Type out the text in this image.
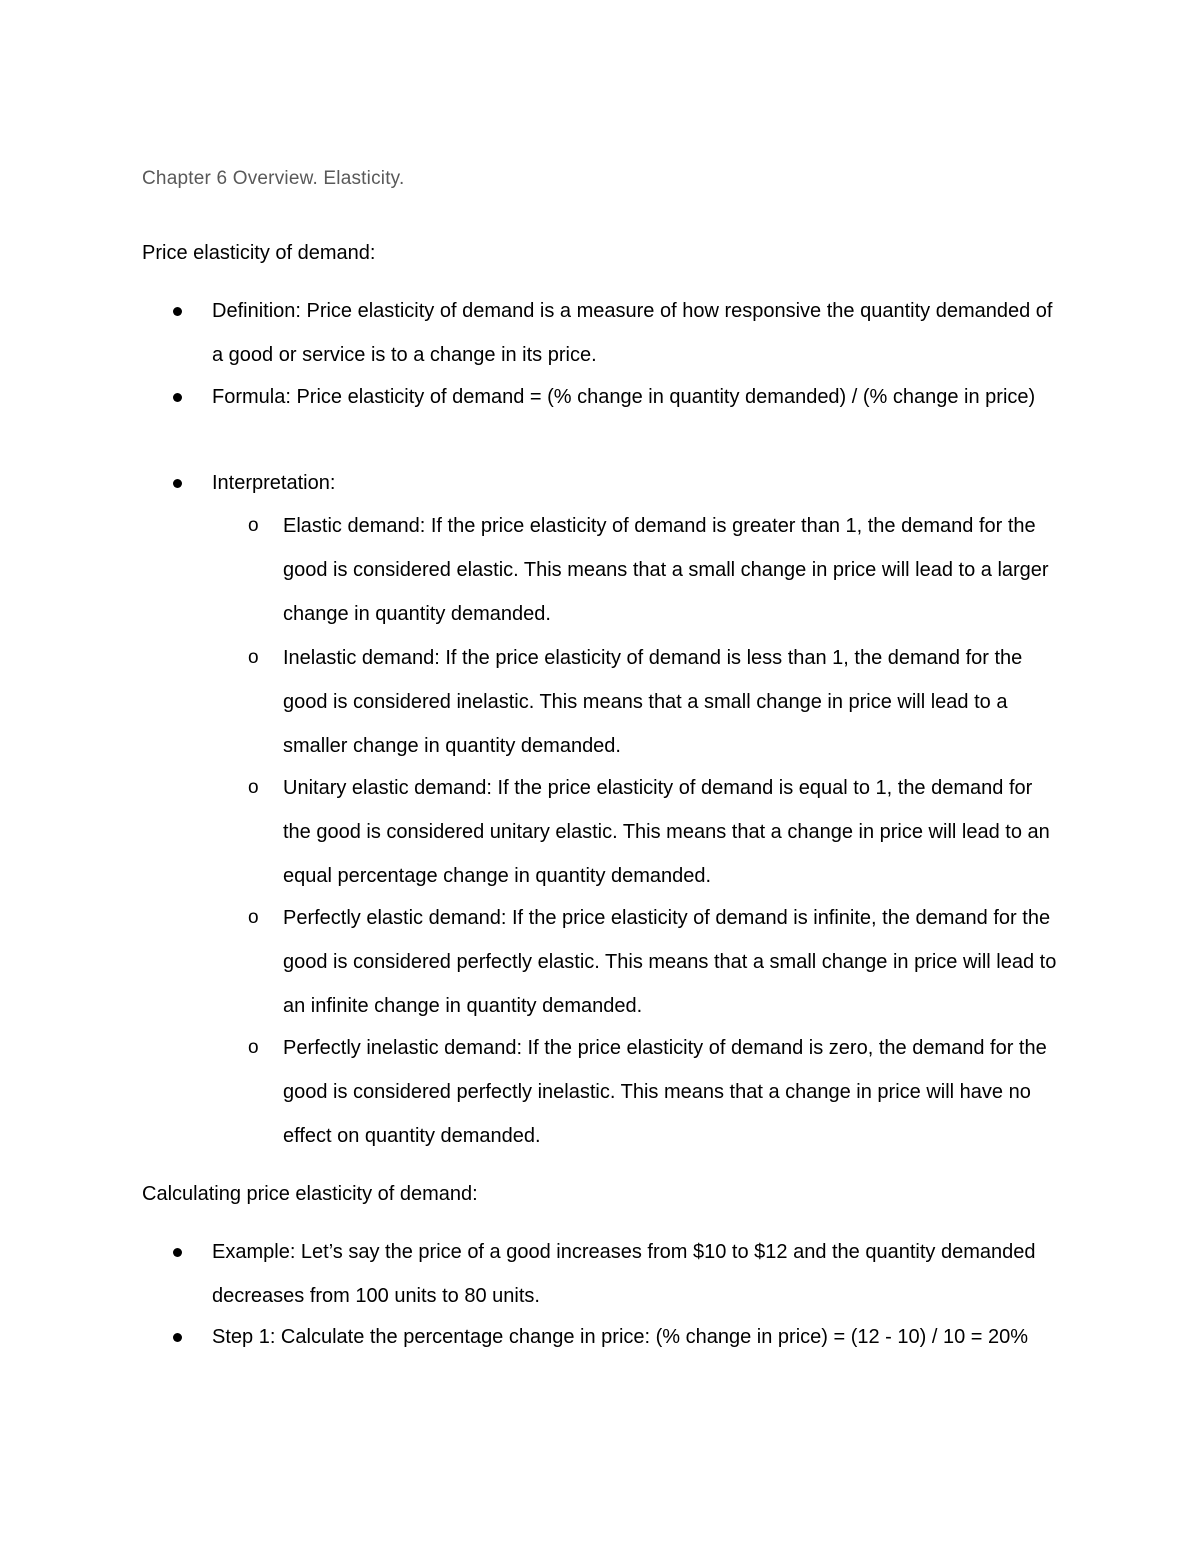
Chapter 6 Overview. Elasticity.
Price elasticity of demand:
Definition: Price elasticity of demand is a measure of how responsive the quantity demanded of a good or service is to a change in its price.
Formula: Price elasticity of demand = (% change in quantity demanded) / (% change in price)
Interpretation:
o Elastic demand: If the price elasticity of demand is greater than 1, the demand for the good is considered elastic. This means that a small change in price will lead to a larger change in quantity demanded.
o Inelastic demand: If the price elasticity of demand is less than 1, the demand for the good is considered inelastic. This means that a small change in price will lead to a smaller change in quantity demanded.
o Unitary elastic demand: If the price elasticity of demand is equal to 1, the demand for the good is considered unitary elastic. This means that a change in price will lead to an equal percentage change in quantity demanded.
o Perfectly elastic demand: If the price elasticity of demand is infinite, the demand for the good is considered perfectly elastic. This means that a small change in price will lead to an infinite change in quantity demanded.
o Perfectly inelastic demand: If the price elasticity of demand is zero, the demand for the good is considered perfectly inelastic. This means that a change in price will have no effect on quantity demanded.
Calculating price elasticity of demand:
Example: Let’s say the price of a good increases from $10 to $12 and the quantity demanded decreases from 100 units to 80 units.
Step 1: Calculate the percentage change in price: (% change in price) = (12 - 10) / 10 = 20%
